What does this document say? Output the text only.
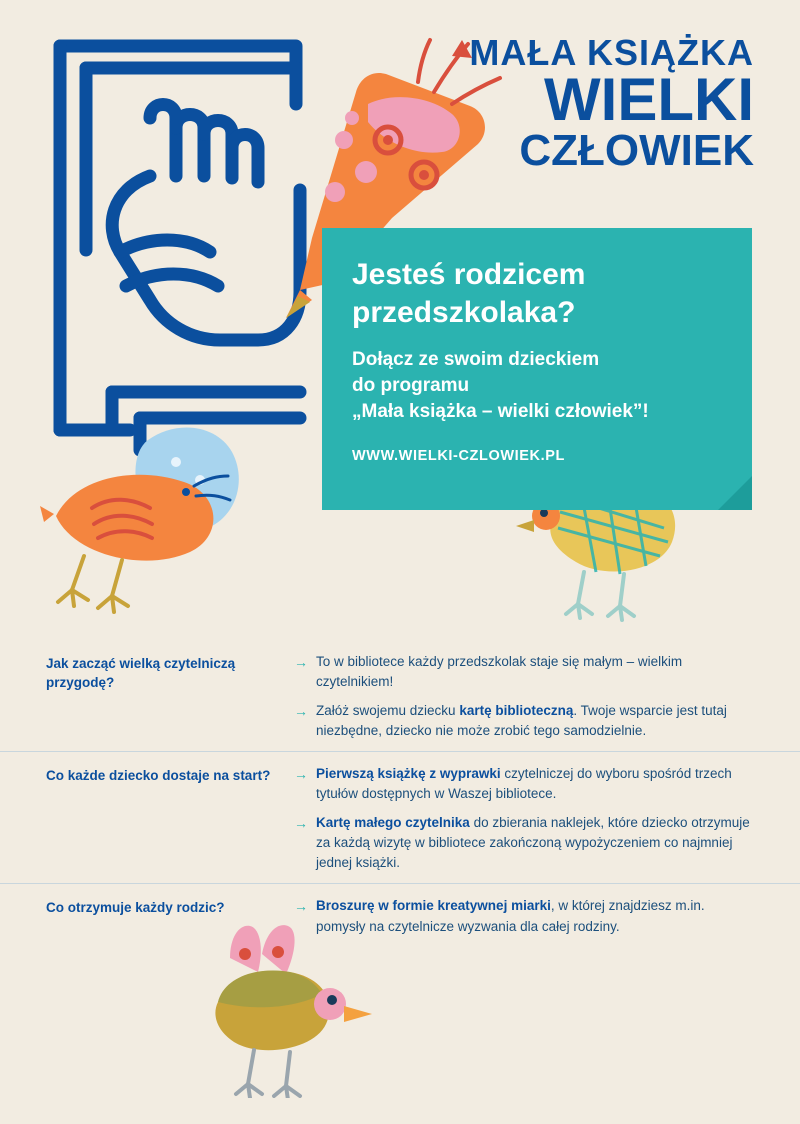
MAŁA KSIĄŻKA
WIELKI
CZŁOWIEK
Jesteś rodzicem przedszkolaka?
Dołącz ze swoim dzieckiem
do programu
„Mała książka – wielki człowiek”!
WWW.WIELKI-CZLOWIEK.PL
Jak zacząć wielką czytelniczą przygodę?
→ To w bibliotece każdy przedszkolak staje się małym – wielkim czytelnikiem!
→ Załóż swojemu dziecku kartę biblioteczną. Twoje wsparcie jest tutaj niezbędne, dziecko nie może zrobić tego samodzielnie.
Co każde dziecko dostaje na start?	→ Pierwszą książkę z wyprawki czytelniczej do wyboru spośród trzech tytułów dostępnych w Waszej bibliotece.
→ Kartę małego czytelnika do zbierania naklejek, które dziecko otrzymuje za każdą wizytę w bibliotece zakończoną wypożyczeniem co najmniej jednej książki.
Co otrzymuje każdy rodzic?	→ Broszurę w formie kreatywnej miarki, w której znajdziesz m.in. pomysły na czytelnicze wyzwania dla całej rodziny.
